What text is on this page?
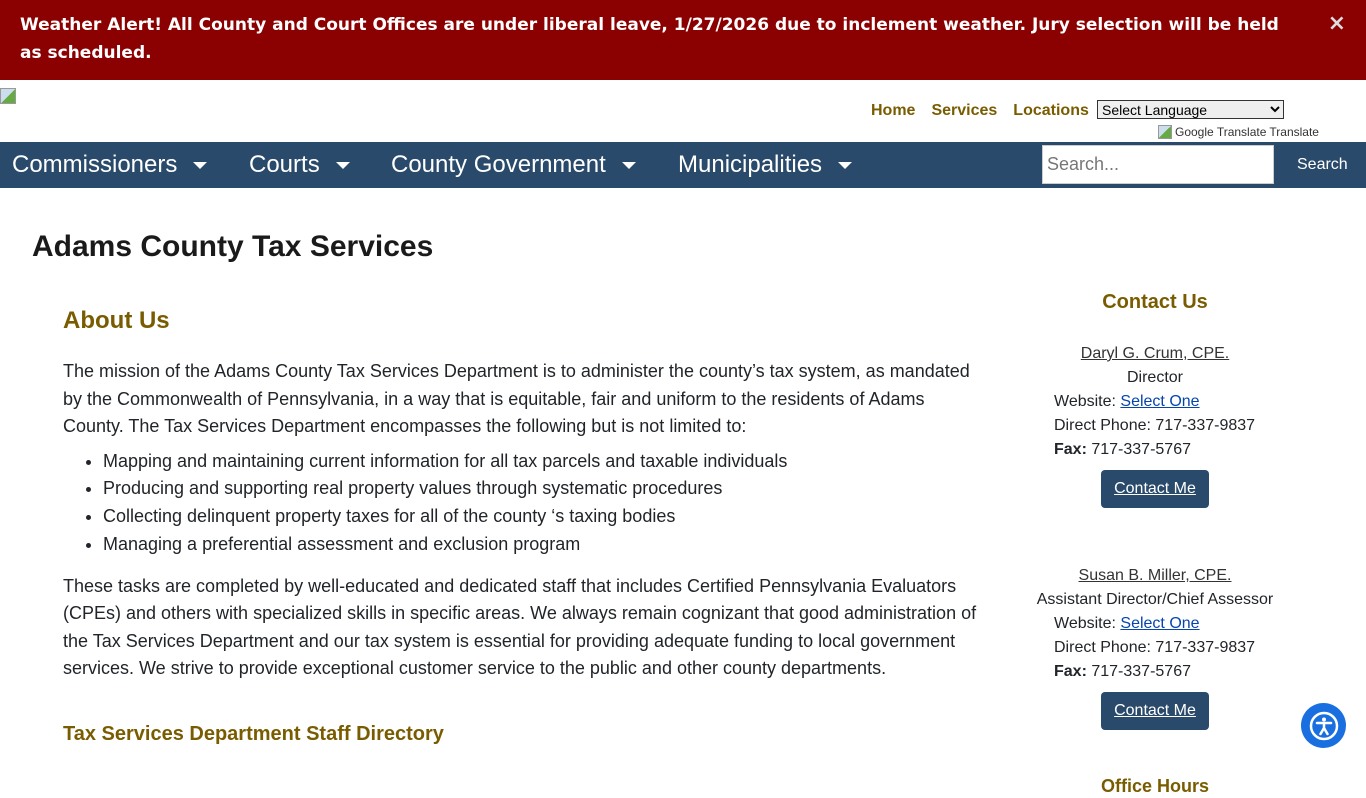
Weather Alert! All County and Court Offices are under liberal leave, 1/27/2026 due to inclement weather. Jury selection will be held as scheduled.
×
Home Services Locations
Select Language
Google Translate Translate
Commissioners	Courts	County Government	Municipalities
Search...	Search
Adams County Tax Services
About Us

The mission of the Adams County Tax Services Department is to administer the county’s tax system, as mandated by the Commonwealth of Pennsylvania, in a way that is equitable, fair and uniform to the residents of Adams County. The Tax Services Department encompasses the following but is not limited to:

• Mapping and maintaining current information for all tax parcels and taxable individuals
• Producing and supporting real property values through systematic procedures
• Collecting delinquent property taxes for all of the county ‘s taxing bodies
• Managing a preferential assessment and exclusion program

These tasks are completed by well-educated and dedicated staff that includes Certified Pennsylvania Evaluators (CPEs) and others with specialized skills in specific areas. We always remain cognizant that good administration of the Tax Services Department and our tax system is essential for providing adequate funding to local government services. We strive to provide exceptional customer service to the public and other county departments.

Tax Services Department Staff Directory
Contact Us
Daryl G. Crum, CPE.
Director
Website: Select One
Direct Phone: 717-337-9837
Fax: 717-337-5767
Contact Me
Susan B. Miller, CPE.
Assistant Director/Chief Assessor
Website: Select One
Direct Phone: 717-337-9837
Fax: 717-337-5767
Contact Me
Office Hours
